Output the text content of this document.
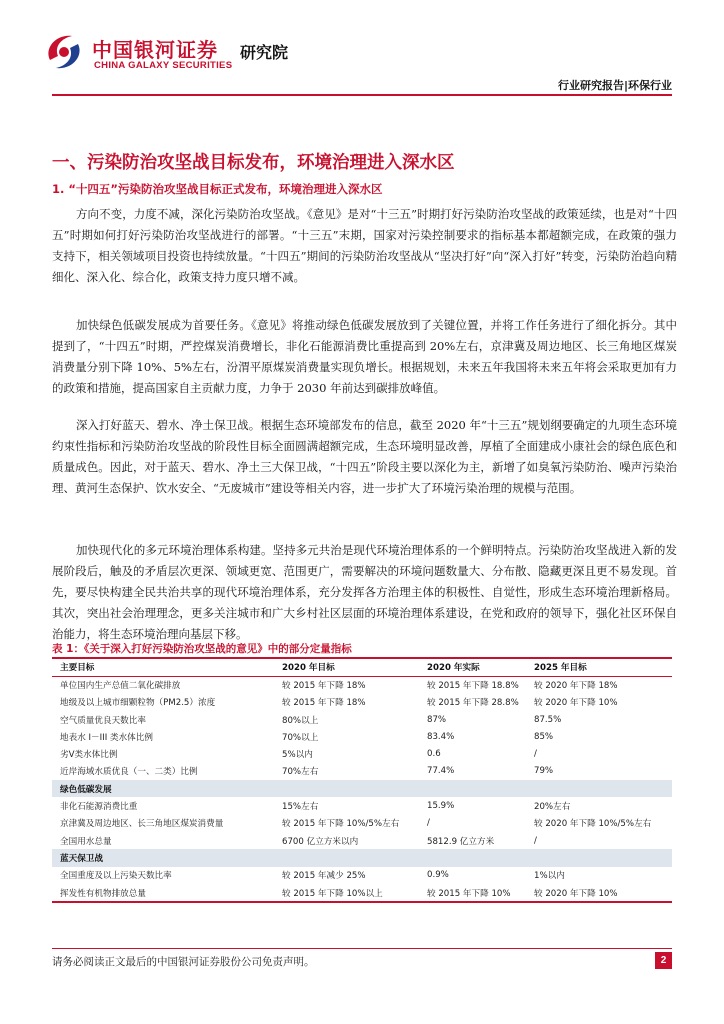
中国银河证券
CHINA GALAXY SECURITIES
研究院
行业研究报告|环保行业
一、污染防治攻坚战目标发布，环境治理进入深水区
1. “十四五”污染防治攻坚战目标正式发布，环境治理进入深水区

方向不变，力度不减，深化污染防治攻坚战。《意见》是对“十三五”时期打好污染防治攻坚战的政策延续，也是对“十四五”时期如何打好污染防治攻坚战进行的部署。“十三五”末期，国家对污染控制要求的指标基本都超额完成，在政策的强力支持下，相关领域项目投资也持续放量。“十四五”期间的污染防治攻坚战从“坚决打好”向“深入打好”转变，污染防治趋向精细化、深入化、综合化，政策支持力度只增不减。

加快绿色低碳发展成为首要任务。《意见》将推动绿色低碳发展放到了关键位置，并将工作任务进行了细化拆分。其中提到了，“十四五”时期，严控煤炭消费增长，非化石能源消费比重提高到 20%左右，京津冀及周边地区、长三角地区煤炭消费量分别下降 10%、5%左右，汾渭平原煤炭消费量实现负增长。根据规划，未来五年我国将未来五年将会采取更加有力的政策和措施，提高国家自主贡献力度，力争于 2030 年前达到碳排放峰值。

深入打好蓝天、碧水、净土保卫战。根据生态环境部发布的信息，截至 2020 年“十三五”规划纲要确定的九项生态环境约束性指标和污染防治攻坚战的阶段性目标全面圆满超额完成，生态环境明显改善，厚植了全面建成小康社会的绿色底色和质量成色。因此，对于蓝天、碧水、净土三大保卫战，“十四五”阶段主要以深化为主，新增了如臭氧污染防治、噪声污染治理、黄河生态保护、饮水安全、“无废城市”建设等相关内容，进一步扩大了环境污染治理的规模与范围。

加快现代化的多元环境治理体系构建。坚持多元共治是现代环境治理体系的一个鲜明特点。污染防治攻坚战进入新的发展阶段后，触及的矛盾层次更深、领域更宽、范围更广，需要解决的环境问题数量大、分布散、隐藏更深且更不易发现。首先，要尽快构建全民共治共享的现代环境治理体系，充分发挥各方治理主体的积极性、自觉性，形成生态环境治理新格局。其次，突出社会治理理念，更多关注城市和广大乡村社区层面的环境治理体系建设，在党和政府的领导下，强化社区环保自治能力，将生态环境治理向基层下移。

表 1：《关于深入打好污染防治攻坚战的意见》中的部分定量指标
主要目标	2020 年目标	2020 年实际	2025 年目标
单位国内生产总值二氧化碳排放	较 2015 年下降 18%	较 2015 年下降 18.8%	较 2020 年下降 18%
地级及以上城市细颗粒物（PM2.5）浓度	较 2015 年下降 18%	较 2015 年下降 28.8%	较 2020 年下降 10%
空气质量优良天数比率	80%以上	87%	87.5%
地表水 I－III 类水体比例	70%以上	83.4%	85%
劣Ⅴ类水体比例	5%以内	0.6	/
近岸海域水质优良（一、二类）比例	70%左右	77.4%	79%
绿色低碳发展			
非化石能源消费比重	15%左右	15.9%	20%左右
京津冀及周边地区、长三角地区煤炭消费量	较 2015 年下降 10%/5%左右	/	较 2020 年下降 10%/5%左右
全国用水总量	6700 亿立方米以内	5812.9 亿立方米	/
蓝天保卫战			
全国重度及以上污染天数比率	较 2015 年减少 25%	0.9%	1%以内
挥发性有机物排放总量	较 2015 年下降 10%以上	较 2015 年下降 10%	较 2020 年下降 10%
请务必阅读正文最后的中国银河证券股份公司免责声明。	2
